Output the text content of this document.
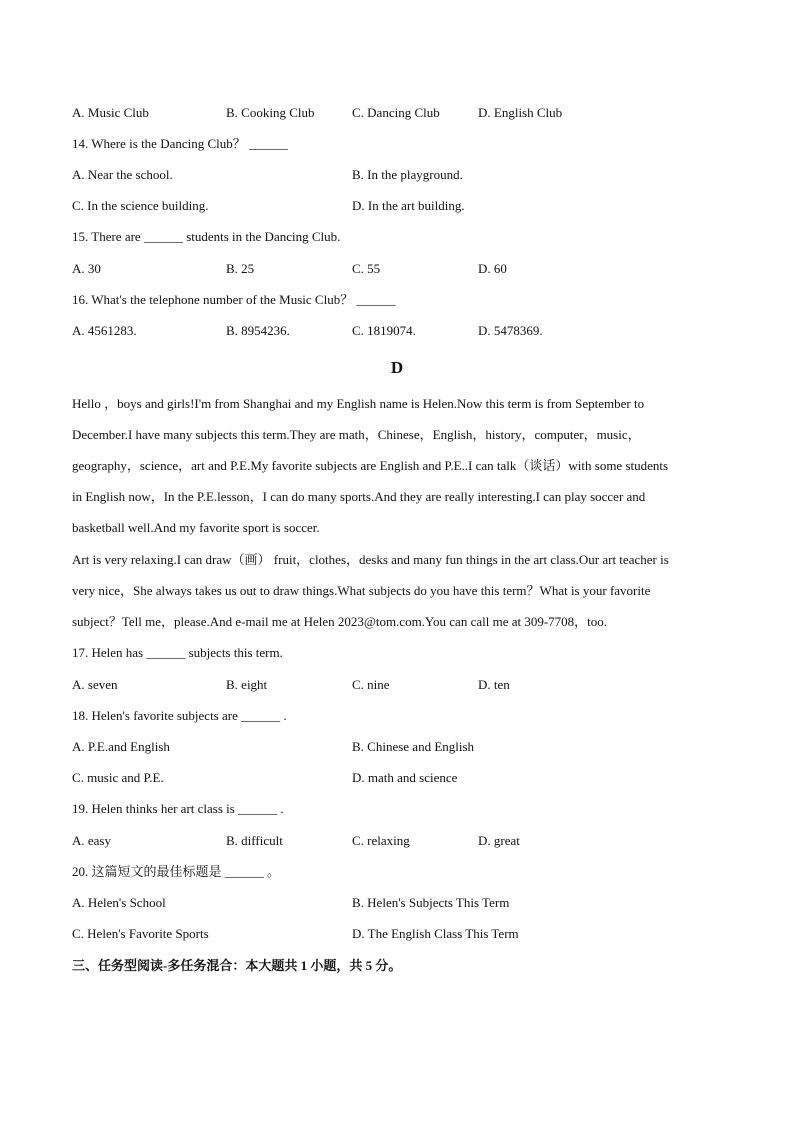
A. Music Club	B. Cooking Club	C. Dancing Club	D. English Club
14. Where is the Dancing Club？ ______
A. Near the school.	B. In the playground.
C. In the science building.	D. In the art building.
15. There are ______ students in the Dancing Club.
A. 30	B. 25	C. 55	D. 60
16. What's the telephone number of the Music Club？ ______
A. 4561283.	B. 8954236.	C. 1819074.	D. 5478369.
D
Hello ，boys and girls!I'm from Shanghai and my English name is Helen.Now this term is from September to
December.I have many subjects this term.They are math，Chinese，English，history，computer，music，
geography，science，art and P.E.My favorite subjects are English and P.E..I can talk（谈话）with some students
in English now，In the P.E.lesson，I can do many sports.And they are really interesting.I can play soccer and
basketball well.And my favorite sport is soccer.
Art is very relaxing.I can draw（画） fruit，clothes，desks and many fun things in the art class.Our art teacher is
very nice，She always takes us out to draw things.What subjects do you have this term？What is your favorite
subject？Tell me，please.And e-mail me at Helen 2023@tom.com.You can call me at 309-7708，too.
17. Helen has ______ subjects this term.
A. seven	B. eight	C. nine	D. ten
18. Helen's favorite subjects are ______ .
A. P.E.and English	B. Chinese and English
C. music and P.E.	D. math and science
19. Helen thinks her art class is ______ .
A. easy	B. difficult	C. relaxing	D. great
20. 这篇短文的最佳标题是 ______ 。
A. Helen's School	B. Helen's Subjects This Term
C. Helen's Favorite Sports	D. The English Class This Term
三、任务型阅读-多任务混合：本大题共 1 小题，共 5 分。
